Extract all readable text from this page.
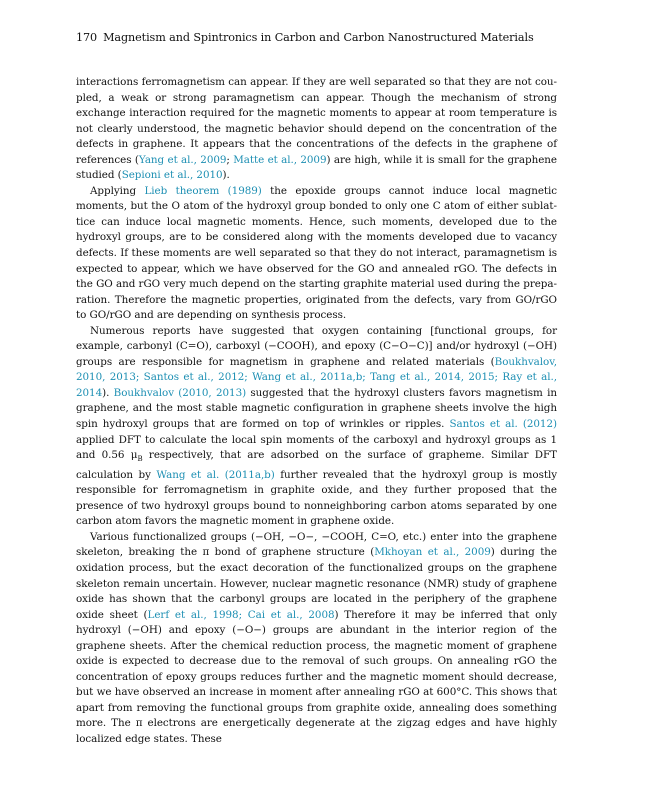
170 Magnetism and Spintronics in Carbon and Carbon Nanostructured Materials

interactions ferromagnetism can appear. If they are well separated so that they are not coupled, a weak or strong paramagnetism can appear. Though the mechanism of strong exchange interaction required for the magnetic moments to appear at room temperature is not clearly understood, the magnetic behavior should depend on the concentration of the defects in graphene. It appears that the concentrations of the defects in the graphene of references (Yang et al., 2009; Matte et al., 2009) are high, while it is small for the graphene studied (Sepioni et al., 2010).

Applying Lieb theorem (1989) the epoxide groups cannot induce local magnetic moments, but the O atom of the hydroxyl group bonded to only one C atom of either sublattice can induce local magnetic moments. Hence, such moments, developed due to the hydroxyl groups, are to be considered along with the moments developed due to vacancy defects. If these moments are well separated so that they do not interact, paramagnetism is expected to appear, which we have observed for the GO and annealed rGO. The defects in the GO and rGO very much depend on the starting graphite material used during the preparation. Therefore the magnetic properties, originated from the defects, vary from GO/rGO to GO/rGO and are depending on synthesis process.

Numerous reports have suggested that oxygen containing [functional groups, for example, carbonyl (C=O), carboxyl (−COOH), and epoxy (C−O−C)] and/or hydroxyl (−OH) groups are responsible for magnetism in graphene and related materials (Boukhvalov, 2010, 2013; Santos et al., 2012; Wang et al., 2011a,b; Tang et al., 2014, 2015; Ray et al., 2014). Boukhvalov (2010, 2013) suggested that the hydroxyl clusters favors magnetism in graphene, and the most stable magnetic configuration in graphene sheets involve the high spin hydroxyl groups that are formed on top of wrinkles or ripples. Santos et al. (2012) applied DFT to calculate the local spin moments of the carboxyl and hydroxyl groups as 1 and 0.56 $\mu_B$ respectively, that are adsorbed on the surface of grapheme. Similar DFT calculation by Wang et al. (2011a,b) further revealed that the hydroxyl group is mostly responsible for ferromagnetism in graphite oxide, and they further proposed that the presence of two hydroxyl groups bound to nonneighboring carbon atoms separated by one carbon atom favors the magnetic moment in graphene oxide.

Various functionalized groups (−OH, −O−, −COOH, C=O, etc.) enter into the graphene skeleton, breaking the π bond of graphene structure (Mkhoyan et al., 2009) during the oxidation process, but the exact decoration of the functionalized groups on the graphene skeleton remain uncertain. However, nuclear magnetic resonance (NMR) study of graphene oxide has shown that the carbonyl groups are located in the periphery of the graphene oxide sheet (Lerf et al., 1998; Cai et al., 2008) Therefore it may be inferred that only hydroxyl (−OH) and epoxy (−O−) groups are abundant in the interior region of the graphene sheets. After the chemical reduction process, the magnetic moment of graphene oxide is expected to decrease due to the removal of such groups. On annealing rGO the concentration of epoxy groups reduces further and the magnetic moment should decrease, but we have observed an increase in moment after annealing rGO at 600°C. This shows that apart from removing the functional groups from graphite oxide, annealing does something more. The π electrons are energetically degenerate at the zigzag edges and have highly localized edge states. These
